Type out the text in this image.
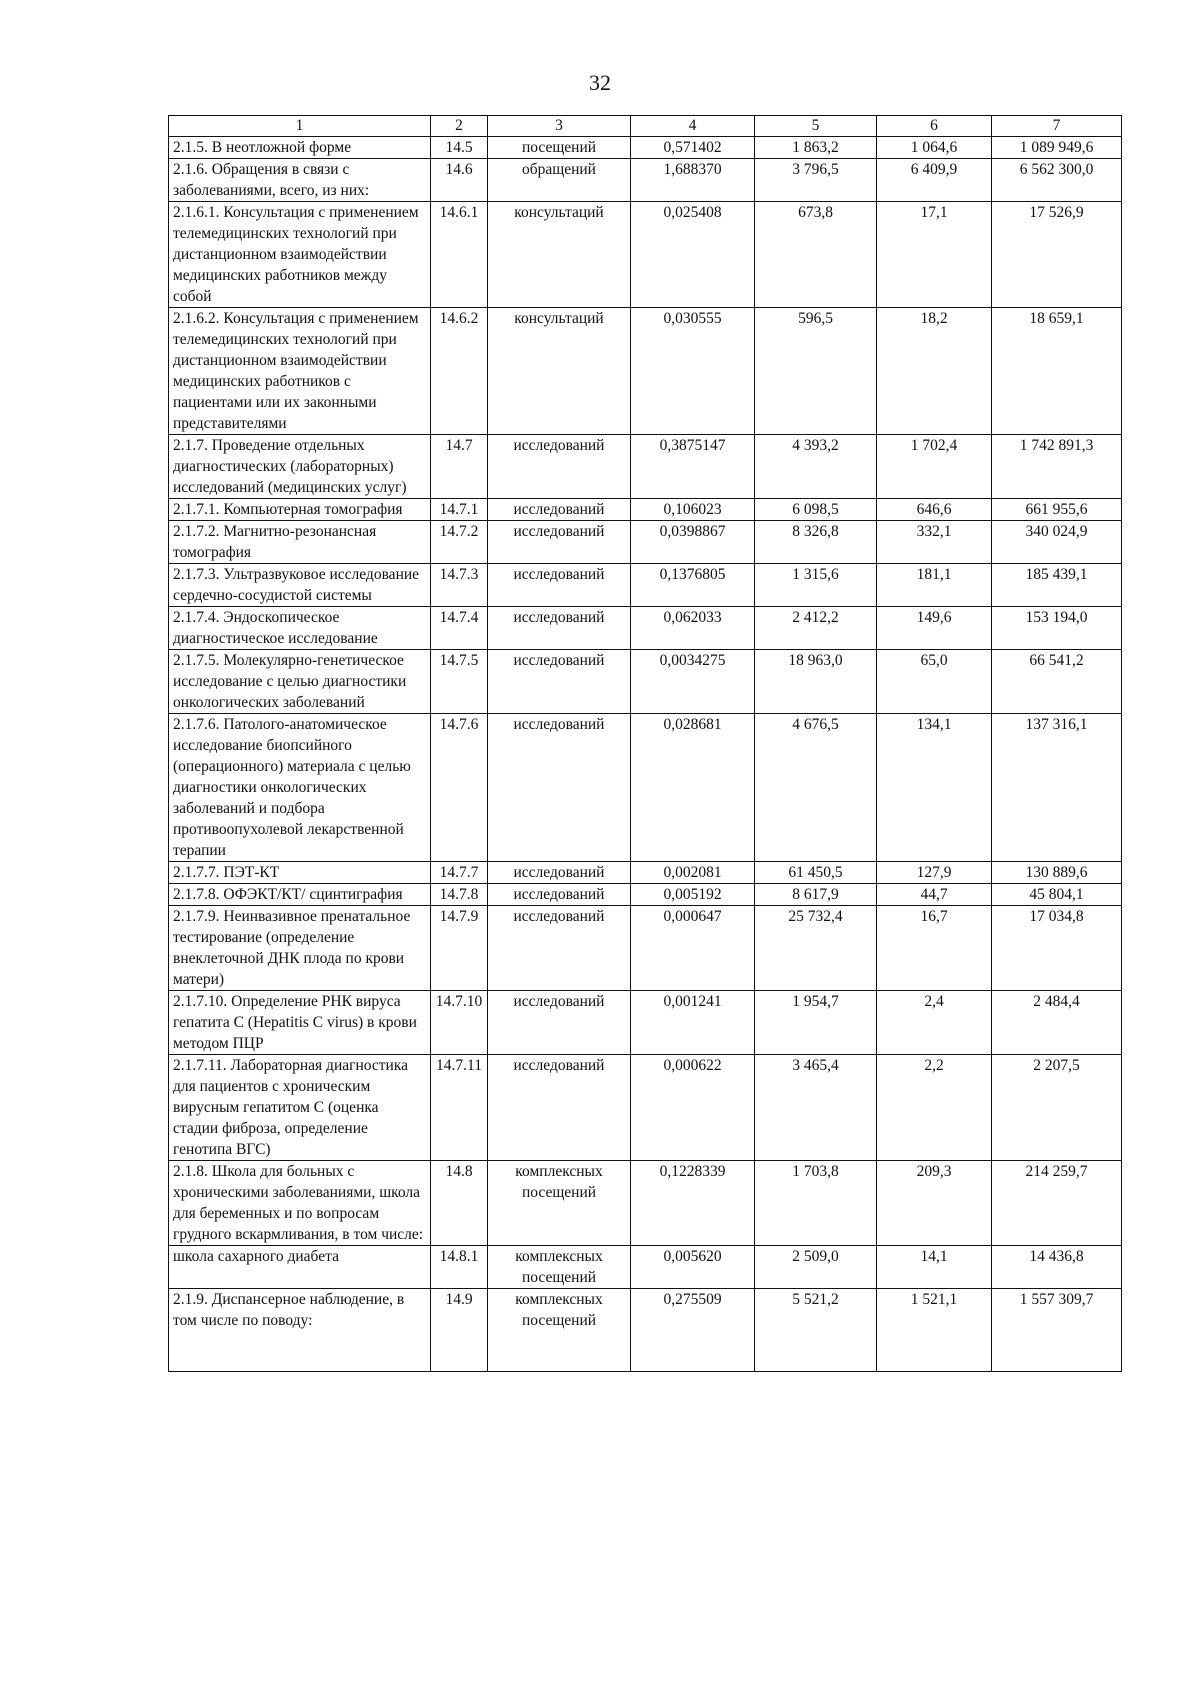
32
1	2	3	4	5	6	7
2.1.5. В неотложной форме	14.5	посещений	0,571402	1 863,2	1 064,6	1 089 949,6
2.1.6. Обращения в связи с заболеваниями, всего, из них:	14.6	обращений	1,688370	3 796,5	6 409,9	6 562 300,0
2.1.6.1. Консультация с применением телемедицинских технологий при дистанционном взаимодействии медицинских работников между собой	14.6.1	консультаций	0,025408	673,8	17,1	17 526,9
2.1.6.2. Консультация с применением телемедицинских технологий при дистанционном взаимодействии медицинских работников с пациентами или их законными представителями	14.6.2	консультаций	0,030555	596,5	18,2	18 659,1
2.1.7. Проведение отдельных диагностических (лабораторных) исследований (медицинских услуг)	14.7	исследований	0,3875147	4 393,2	1 702,4	1 742 891,3
2.1.7.1. Компьютерная томография	14.7.1	исследований	0,106023	6 098,5	646,6	661 955,6
2.1.7.2. Магнитно-резонансная томография	14.7.2	исследований	0,0398867	8 326,8	332,1	340 024,9
2.1.7.3. Ультразвуковое исследование сердечно-сосудистой системы	14.7.3	исследований	0,1376805	1 315,6	181,1	185 439,1
2.1.7.4. Эндоскопическое диагностическое исследование	14.7.4	исследований	0,062033	2 412,2	149,6	153 194,0
2.1.7.5. Молекулярно-генетическое исследование с целью диагностики онкологических заболеваний	14.7.5	исследований	0,0034275	18 963,0	65,0	66 541,2
2.1.7.6. Патолого-анатомическое исследование биопсийного (операционного) материала с целью диагностики онкологических заболеваний и подбора противоопухолевой лекарственной терапии	14.7.6	исследований	0,028681	4 676,5	134,1	137 316,1
2.1.7.7. ПЭТ-КТ	14.7.7	исследований	0,002081	61 450,5	127,9	130 889,6
2.1.7.8. ОФЭКТ/КТ/ сцинтиграфия	14.7.8	исследований	0,005192	8 617,9	44,7	45 804,1
2.1.7.9. Неинвазивное пренатальное тестирование (определение внеклеточной ДНК плода по крови матери)	14.7.9	исследований	0,000647	25 732,4	16,7	17 034,8
2.1.7.10. Определение РНК вируса гепатита С (Hepatitis C virus) в крови методом ПЦР	14.7.10	исследований	0,001241	1 954,7	2,4	2 484,4
2.1.7.11. Лабораторная диагностика для пациентов с хроническим вирусным гепатитом С (оценка стадии фиброза, определение генотипа ВГС)	14.7.11	исследований	0,000622	3 465,4	2,2	2 207,5
2.1.8. Школа для больных с хроническими заболеваниями, школа для беременных и по вопросам грудного вскармливания, в том числе:	14.8	комплексных посещений	0,1228339	1 703,8	209,3	214 259,7
школа сахарного диабета	14.8.1	комплексных посещений	0,005620	2 509,0	14,1	14 436,8
2.1.9. Диспансерное наблюдение, в том числе по поводу:	14.9	комплексных посещений	0,275509	5 521,2	1 521,1	1 557 309,7
